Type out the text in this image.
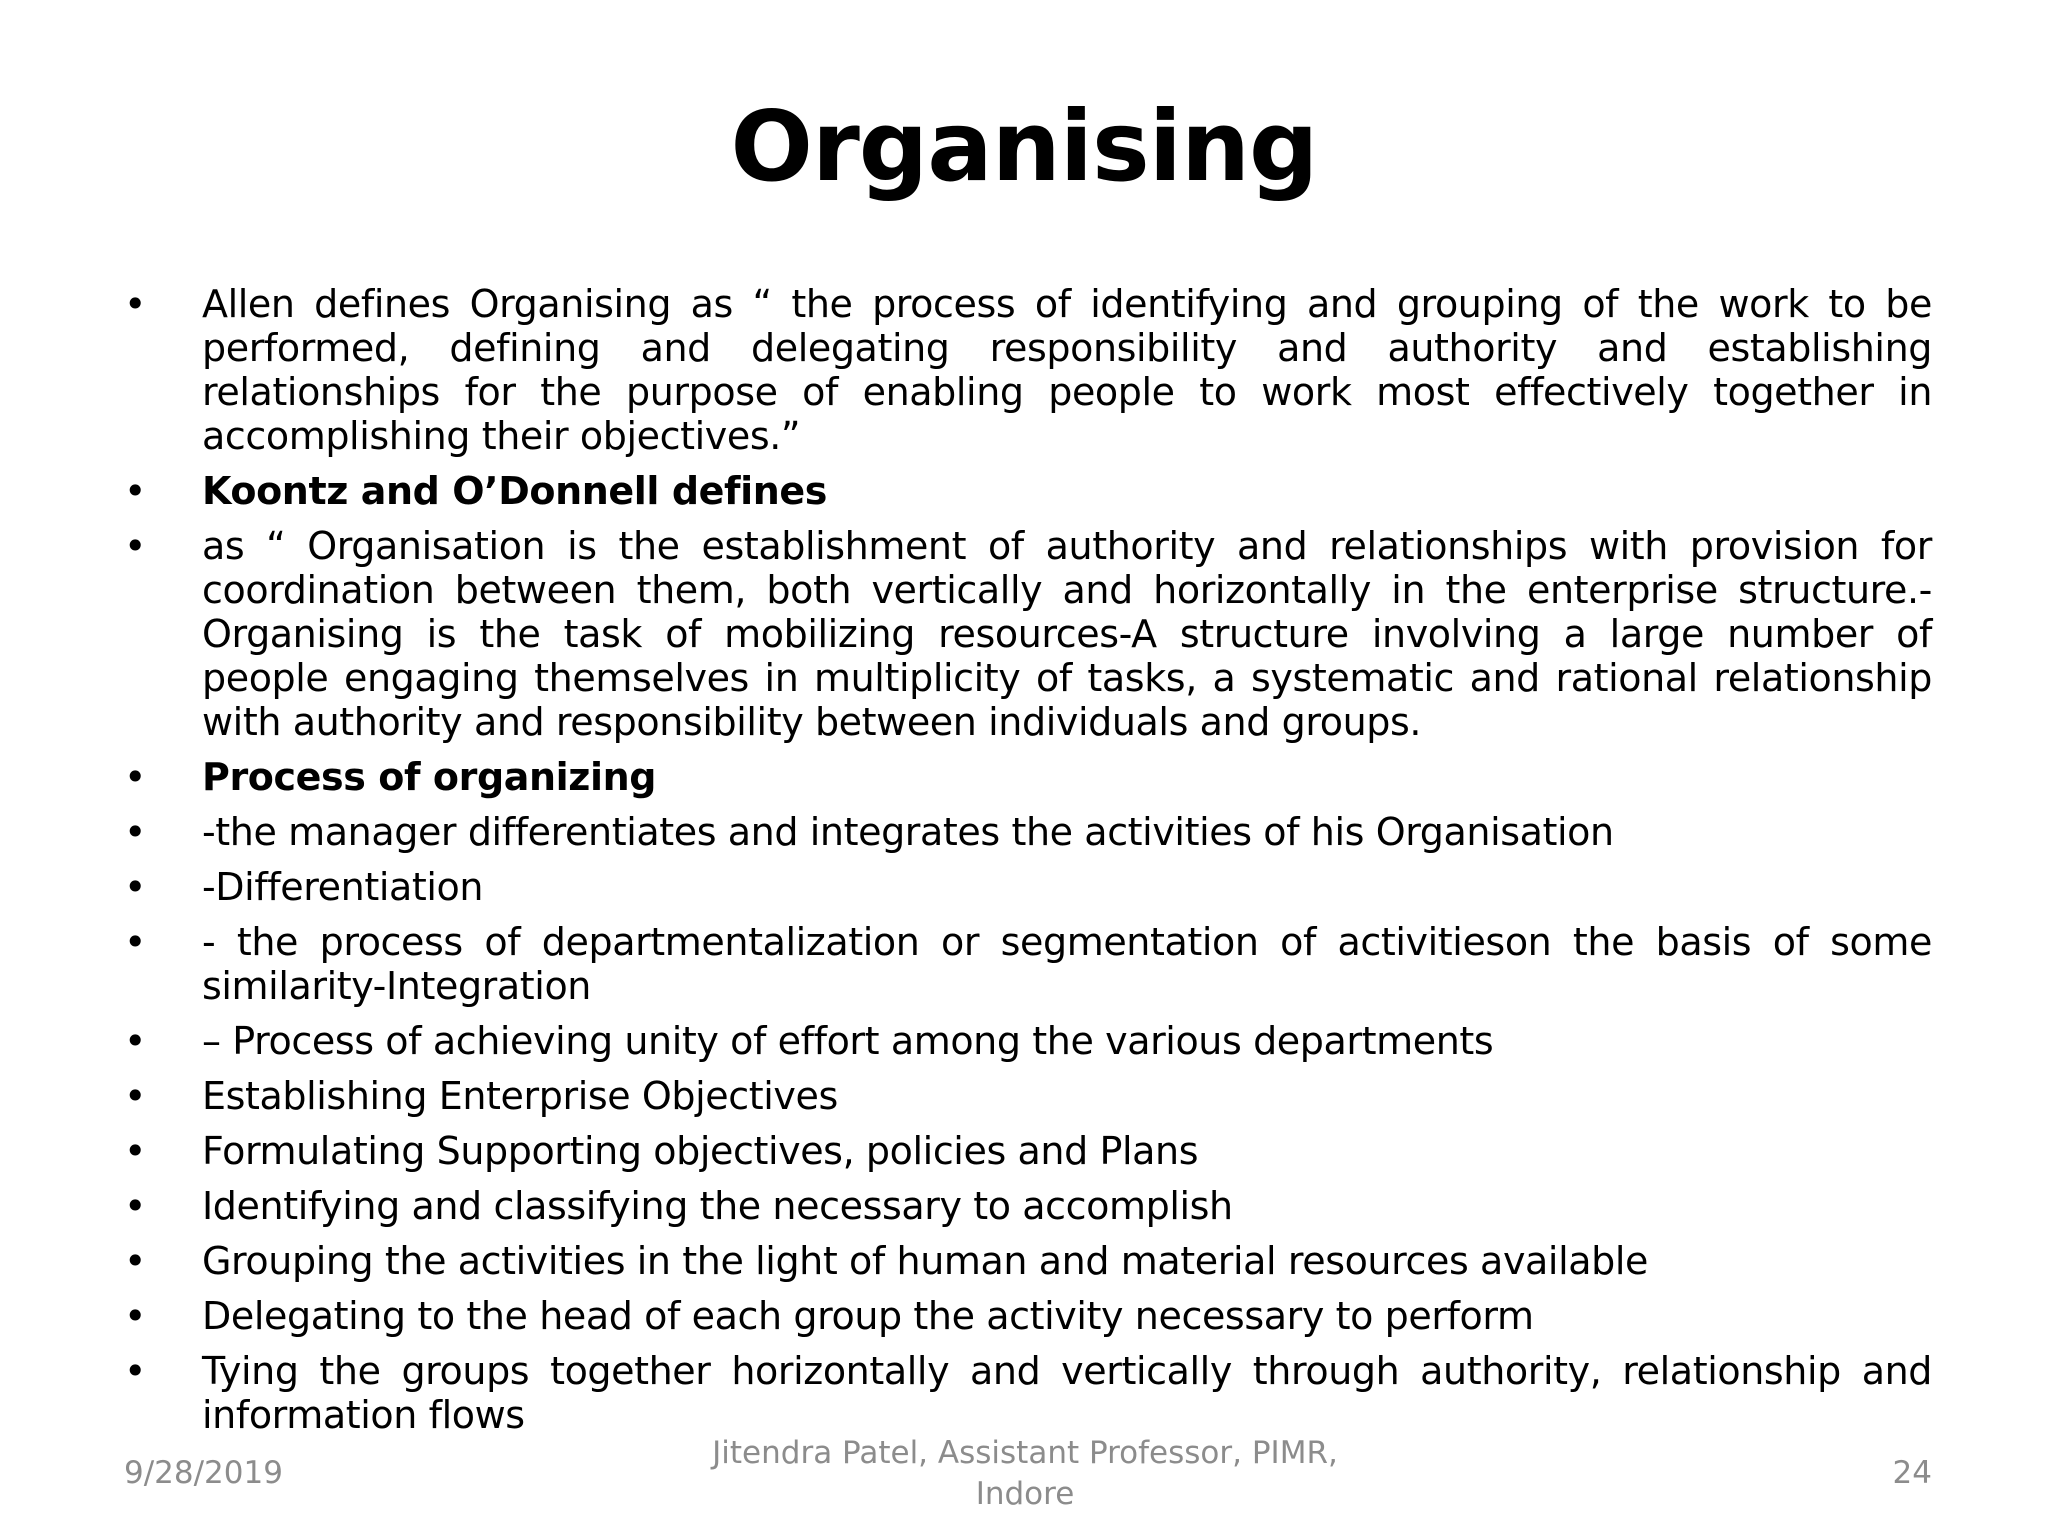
Organising
• Allen defines Organising as “ the process of identifying and grouping of the work to be performed, defining and delegating responsibility and authority and establishing relationships for the purpose of enabling people to work most effectively together in accomplishing their objectives.”
• Koontz and O’Donnell defines
• as “ Organisation is the establishment of authority and relationships with provision for coordination between them, both vertically and horizontally in the enterprise structure.- Organising is the task of mobilizing resources-A structure involving a large number of people engaging themselves in multiplicity of tasks, a systematic and rational relationship with authority and responsibility between individuals and groups.
• Process of organizing
• -the manager differentiates and integrates the activities of his Organisation
• -Differentiation
• - the process of departmentalization or segmentation of activitieson the basis of some similarity-Integration
• – Process of achieving unity of effort among the various departments
• Establishing Enterprise Objectives
• Formulating Supporting objectives, policies and Plans
• Identifying and classifying the necessary to accomplish
• Grouping the activities in the light of human and material resources available
• Delegating to the head of each group the activity necessary to perform
• Tying the groups together horizontally and vertically through authority, relationship and information flows
9/28/2019
Jitendra Patel, Assistant Professor, PIMR,
Indore
24
